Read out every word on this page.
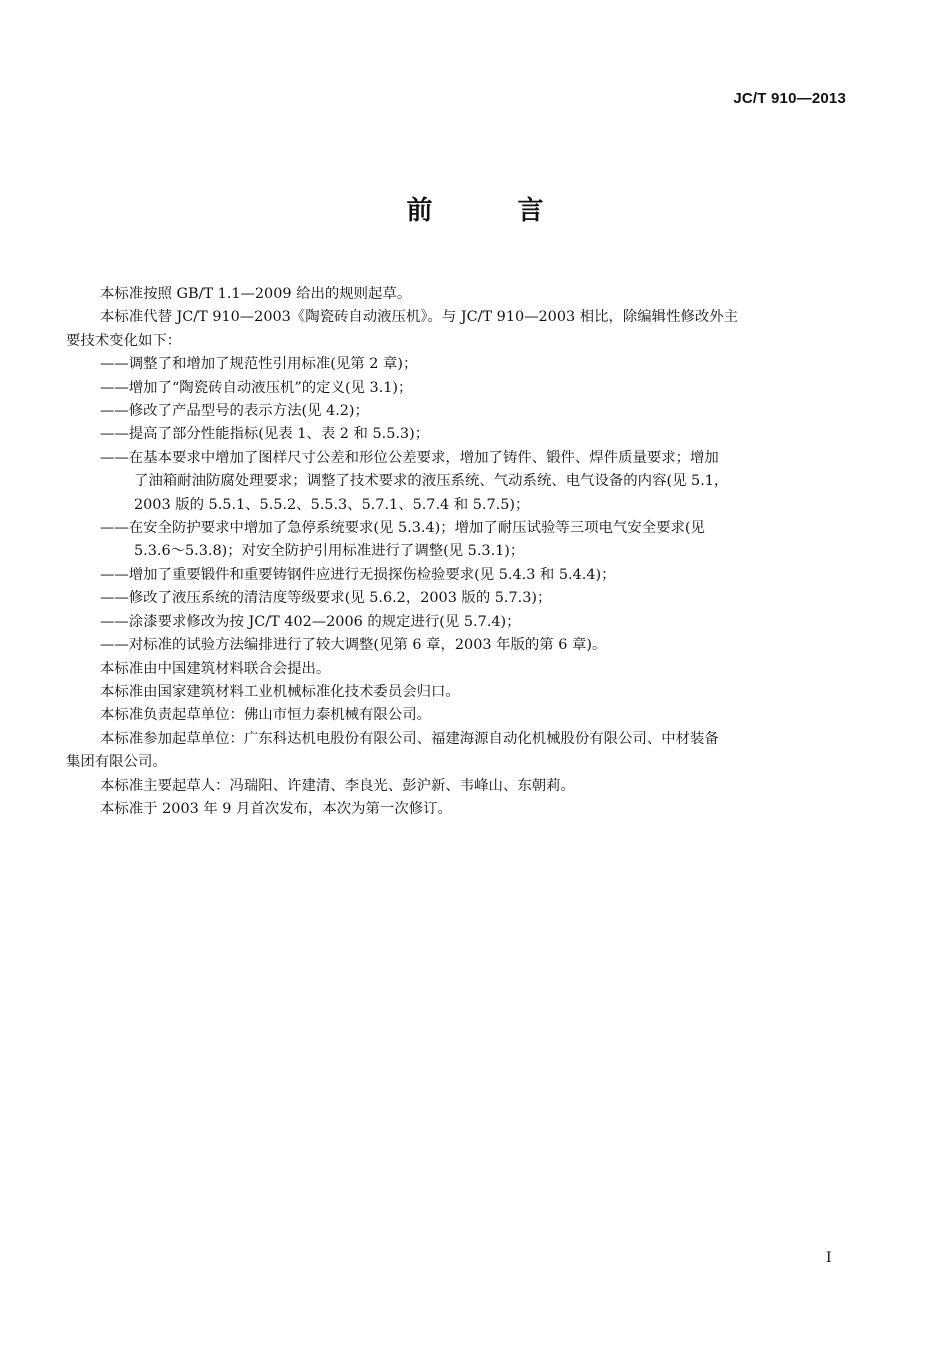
JC/T 910—2013
前 言

本标准按照 GB/T 1.1—2009 给出的规则起草。

本标准代替 JC/T 910—2003《陶瓷砖自动液压机》。与 JC/T 910—2003 相比，除编辑性修改外主
要技术变化如下：

——调整了和增加了规范性引用标准(见第 2 章)；

——增加了“陶瓷砖自动液压机”的定义(见 3.1)；

——修改了产品型号的表示方法(见 4.2)；

——提高了部分性能指标(见表 1、表 2 和 5.5.3)；

——在基本要求中增加了图样尺寸公差和形位公差要求，增加了铸件、锻件、焊件质量要求；增加
了油箱耐油防腐处理要求；调整了技术要求的液压系统、气动系统、电气设备的内容(见 5.1，
2003 版的 5.5.1、5.5.2、5.5.3、5.7.1、5.7.4 和 5.7.5)；

——在安全防护要求中增加了急停系统要求(见 5.3.4)；增加了耐压试验等三项电气安全要求(见
5.3.6～5.3.8)；对安全防护引用标准进行了调整(见 5.3.1)；

——增加了重要锻件和重要铸钢件应进行无损探伤检验要求(见 5.4.3 和 5.4.4)；

——修改了液压系统的清洁度等级要求(见 5.6.2，2003 版的 5.7.3)；

——涂漆要求修改为按 JC/T 402—2006 的规定进行(见 5.7.4)；

——对标准的试验方法编排进行了较大调整(见第 6 章，2003 年版的第 6 章)。

本标准由中国建筑材料联合会提出。

本标准由国家建筑材料工业机械标准化技术委员会归口。

本标准负责起草单位：佛山市恒力泰机械有限公司。

本标准参加起草单位：广东科达机电股份有限公司、福建海源自动化机械股份有限公司、中材装备
集团有限公司。

本标准主要起草人：冯瑞阳、许建清、李良光、彭沪新、韦峰山、东朝莉。

本标准于 2003 年 9 月首次发布，本次为第一次修订。

I
